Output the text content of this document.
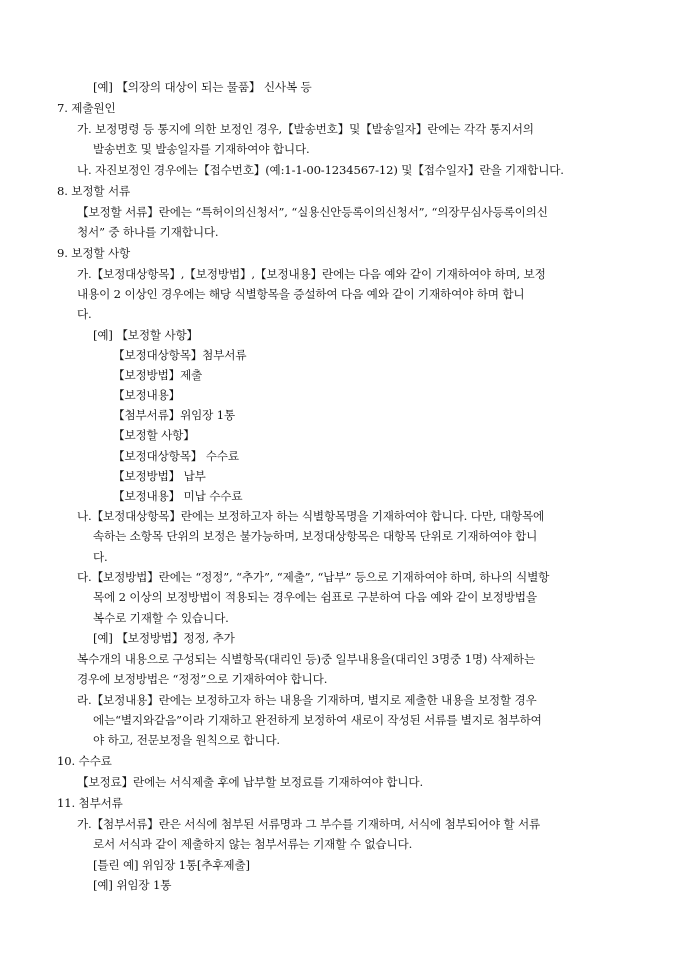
[예] 【의장의 대상이 되는 물품】 신사복 등
7. 제출원인
가. 보정명령 등 통지에 의한 보정인 경우,【발송번호】및【발송일자】란에는 각각 통지서의
발송번호 및 발송일자를 기재하여야 합니다.
나. 자진보정인 경우에는【접수번호】(예:1-1-00-1234567-12) 및【접수일자】란을 기재합니다.
8. 보정할 서류
【보정할 서류】란에는 “특허이의신청서”, “실용신안등록이의신청서”, “의장무심사등록이의신
청서” 중 하나를 기재합니다.
9. 보정할 사항
가.【보정대상항목】,【보정방법】,【보정내용】란에는 다음 예와 같이 기재하여야 하며, 보정
내용이 2 이상인 경우에는 해당 식별항목을 증설하여 다음 예와 같이 기재하여야 하며 합니
다.
[예] 【보정할 사항】
【보정대상항목】첨부서류
【보정방법】제출
【보정내용】
【첨부서류】위임장 1통
【보정할 사항】
【보정대상항목】 수수료
【보정방법】 납부
【보정내용】 미납 수수료
나.【보정대상항목】란에는 보정하고자 하는 식별항목명을 기재하여야 합니다. 다만, 대항목에
속하는 소항목 단위의 보정은 불가능하며, 보정대상항목은 대항목 단위로 기재하여야 합니
다.
다.【보정방법】란에는 “정정”, “추가”, “제출”, “납부” 등으로 기재하여야 하며, 하나의 식별항
목에 2 이상의 보정방법이 적용되는 경우에는 쉼표로 구분하여 다음 예와 같이 보정방법을
복수로 기재할 수 있습니다.
[예] 【보정방법】정정, 추가
복수개의 내용으로 구성되는 식별항목(대리인 등)중 일부내용을(대리인 3명중 1명) 삭제하는
경우에 보정방법은 “정정”으로 기재하여야 합니다.
라.【보정내용】란에는 보정하고자 하는 내용을 기재하며, 별지로 제출한 내용을 보정할 경우
에는“별지와같음”이라 기재하고 완전하게 보정하여 새로이 작성된 서류를 별지로 첨부하여
야 하고, 전문보정을 원칙으로 합니다.
10. 수수료
【보정료】란에는 서식제출 후에 납부할 보정료를 기재하여야 합니다.
11. 첨부서류
가.【첨부서류】란은 서식에 첨부된 서류명과 그 부수를 기재하며, 서식에 첨부되어야 할 서류
로서 서식과 같이 제출하지 않는 첨부서류는 기재할 수 없습니다.
[틀린 예] 위임장 1통[추후제출]
[예] 위임장 1통
